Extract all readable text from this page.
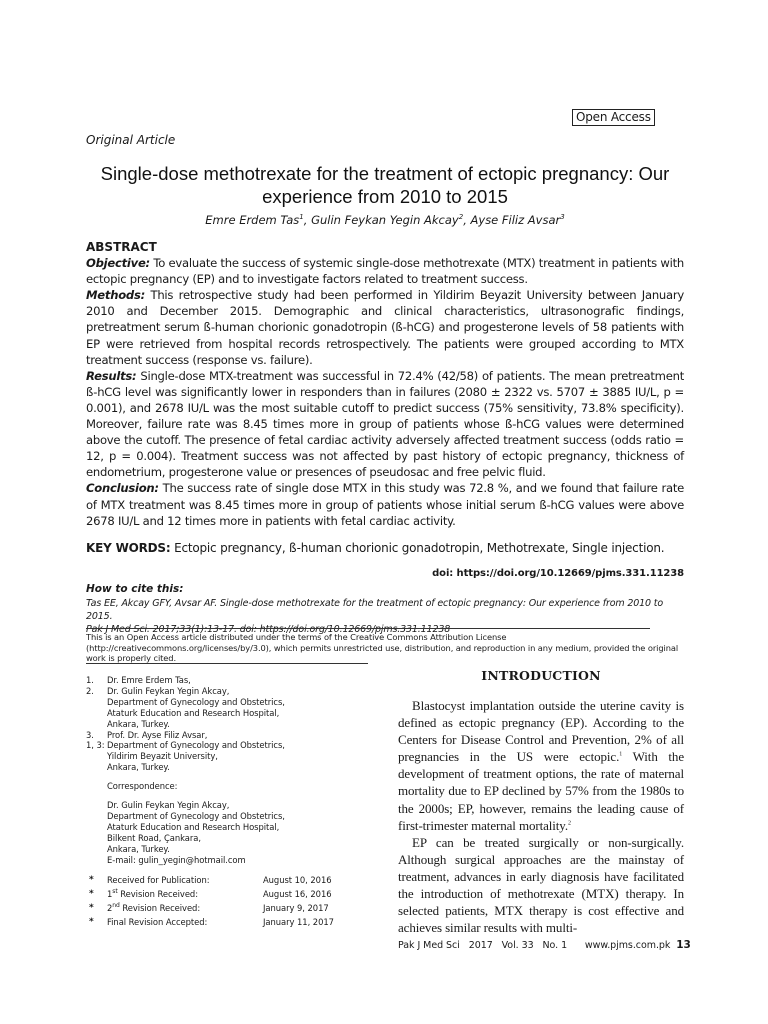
Open Access
Original Article
Single-dose methotrexate for the treatment of ectopic pregnancy: Our experience from 2010 to 2015
Emre Erdem Tas$^1$, Gulin Feykan Yegin Akcay$^2$, Ayse Filiz Avsar$^3$
ABSTRACT

Objective: To evaluate the success of systemic single-dose methotrexate (MTX) treatment in patients with ectopic pregnancy (EP) and to investigate factors related to treatment success.

Methods: This retrospective study had been performed in Yildirim Beyazit University between January 2010 and December 2015. Demographic and clinical characteristics, ultrasonografic findings, pretreatment serum ß-human chorionic gonadotropin (ß-hCG) and progesterone levels of 58 patients with EP were retrieved from hospital records retrospectively. The patients were grouped according to MTX treatment success (response vs. failure).

Results: Single-dose MTX-treatment was successful in 72.4% (42/58) of patients. The mean pretreatment ß-hCG level was significantly lower in responders than in failures (2080 ± 2322 vs. 5707 ± 3885 IU/L, p = 0.001), and 2678 IU/L was the most suitable cutoff to predict success (75% sensitivity, 73.8% specificity). Moreover, failure rate was 8.45 times more in group of patients whose ß-hCG values were determined above the cutoff. The presence of fetal cardiac activity adversely affected treatment success (odds ratio = 12, p = 0.004). Treatment success was not affected by past history of ectopic pregnancy, thickness of endometrium, progesterone value or presences of pseudosac and free pelvic fluid.

Conclusion: The success rate of single dose MTX in this study was 72.8 %, and we found that failure rate of MTX treatment was 8.45 times more in group of patients whose initial serum ß-hCG values were above 2678 IU/L and 12 times more in patients with fetal cardiac activity.

KEY WORDS: Ectopic pregnancy, ß-human chorionic gonadotropin, Methotrexate, Single injection.
doi: https://doi.org/10.12669/pjms.331.11238
How to cite this:
Tas EE, Akcay GFY, Avsar AF. Single-dose methotrexate for the treatment of ectopic pregnancy: Our experience from 2010 to 2015.
Pak J Med Sci. 2017;33(1):13-17. doi: https://doi.org/10.12669/pjms.331.11238
This is an Open Access article distributed under the terms of the Creative Commons Attribution License (http://creativecommons.org/licenses/by/3.0), which permits unrestricted use, distribution, and reproduction in any medium, provided the original work is properly cited.
1.	Dr. Emre Erdem Tas,
2.	Dr. Gulin Feykan Yegin Akcay,
Department of Gynecology and Obstetrics,
Ataturk Education and Research Hospital,
Ankara, Turkey.
3.	Prof. Dr. Ayse Filiz Avsar,
1, 3: Department of Gynecology and Obstetrics,
Yildirim Beyazit University,
Ankara, Turkey.
Correspondence:
Dr. Gulin Feykan Yegin Akcay,
Department of Gynecology and Obstetrics,
Ataturk Education and Research Hospital,
Bilkent Road, Çankara,
Ankara, Turkey.
E-mail: gulin_yegin@hotmail.com
*	Received for Publication:	August 10, 2016
*	1st Revision Received:	August 16, 2016
*	2nd Revision Received:	January 9, 2017
*	Final Revision Accepted:	January 11, 2017
INTRODUCTION

Blastocyst implantation outside the uterine cavity is defined as ectopic pregnancy (EP). According to the Centers for Disease Control and Prevention, 2% of all pregnancies in the US were ectopic.$^1$ With the development of treatment options, the rate of maternal mortality due to EP declined by 57% from the 1980s to the 2000s; EP, however, remains the leading cause of first-trimester maternal mortality.$^2$

EP can be treated surgically or non-surgically. Although surgical approaches are the mainstay of treatment, advances in early diagnosis have facilitated the introduction of methotrexate (MTX) therapy. In selected patients, MTX therapy is cost effective and achieves similar results with multi-

Pak J Med Sci   2017   Vol. 33   No. 1      www.pjms.com.pk 13
